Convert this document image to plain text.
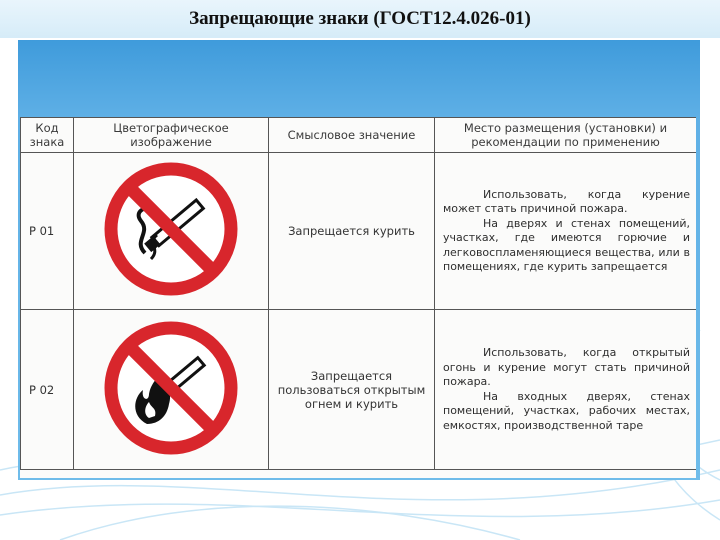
Запрещающие знаки (ГОСТ12.4.026-01)
Код знака	Цветографическое изображение	Смысловое значение	Место размещения (установки) и рекомендации по применению
Р 01		Запрещается курить	Использовать, когда курение может стать причиной пожара.
На дверях и стенах помещений, участках, где имеются горючие и легковоспламеняющиеся вещества, или в помещениях, где курить запрещается

Р 02		Запрещается пользоваться открытым огнем и курить	Использовать, когда открытый огонь и курение могут стать причиной пожара.
На входных дверях, стенах помещений, участках, рабочих местах, емкостях, производственной таре
